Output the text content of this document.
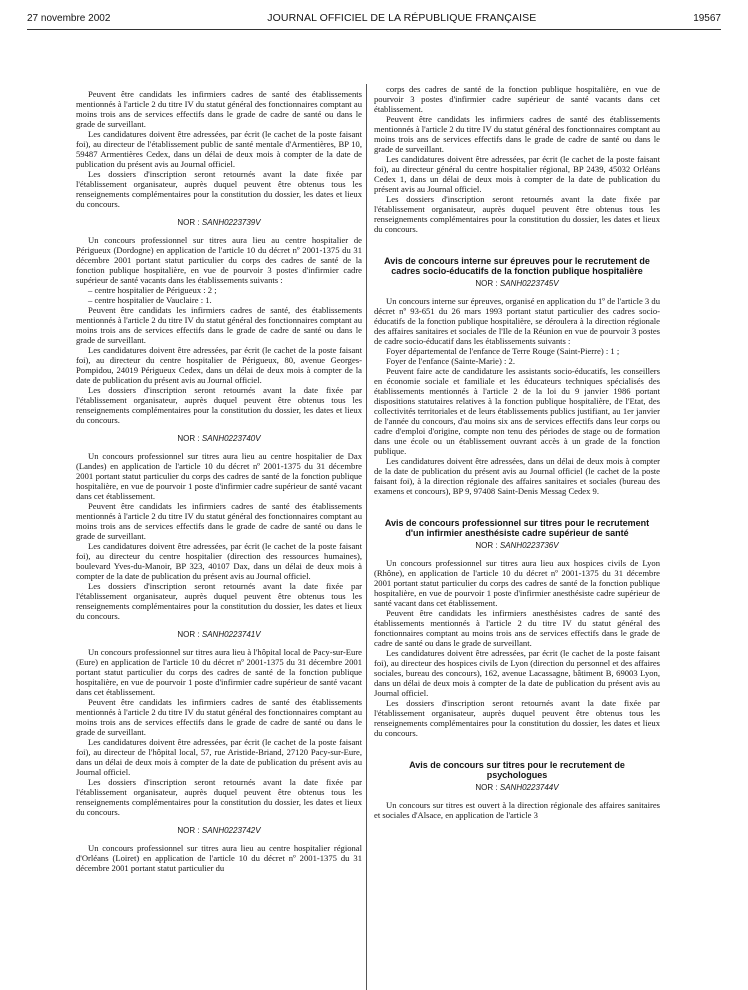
27 novembre 2002	JOURNAL OFFICIEL DE LA RÉPUBLIQUE FRANÇAISE	19567

Peuvent être candidats les infirmiers cadres de santé des établissements mentionnés à l'article 2 du titre IV du statut général des fonctionnaires comptant au moins trois ans de services effectifs dans le grade de cadre de santé ou dans le grade de surveillant.

Les candidatures doivent être adressées, par écrit (le cachet de la poste faisant foi), au directeur de l'établissement public de santé mentale d'Armentières, BP 10, 59487 Armentières Cedex, dans un délai de deux mois à compter de la date de publication du présent avis au Journal officiel.

Les dossiers d'inscription seront retournés avant la date fixée par l'établissement organisateur, auprès duquel peuvent être obtenus tous les renseignements complémentaires pour la constitution du dossier, les dates et lieux du concours.

NOR : SANH0223739V

Un concours professionnel sur titres aura lieu au centre hospitalier de Périgueux (Dordogne) en application de l'article 10 du décret nº 2001-1375 du 31 décembre 2001 portant statut particulier du corps des cadres de santé de la fonction publique hospitalière, en vue de pourvoir 3 postes d'infirmier cadre supérieur de santé vacants dans les établissements suivants :

– centre hospitalier de Périgueux : 2 ;

– centre hospitalier de Vauclaire : 1.

Peuvent être candidats les infirmiers cadres de santé, des établissements mentionnés à l'article 2 du titre IV du statut général des fonctionnaires comptant au moins trois ans de services effectifs dans le grade de cadre de santé ou dans le grade de surveillant.

Les candidatures doivent être adressées, par écrit (le cachet de la poste faisant foi), au directeur du centre hospitalier de Périgueux, 80, avenue Georges-Pompidou, 24019 Périgueux Cedex, dans un délai de deux mois à compter de la date de publication du présent avis au Journal officiel.

Les dossiers d'inscription seront retournés avant la date fixée par l'établissement organisateur, auprès duquel peuvent être obtenus tous les renseignements complémentaires pour la constitution du dossier, les dates et lieux du concours.

NOR : SANH0223740V

Un concours professionnel sur titres aura lieu au centre hospitalier de Dax (Landes) en application de l'article 10 du décret nº 2001-1375 du 31 décembre 2001 portant statut particulier du corps des cadres de santé de la fonction publique hospitalière, en vue de pourvoir 1 poste d'infirmier cadre supérieur de santé vacant dans cet établissement.

Peuvent être candidats les infirmiers cadres de santé des établissements mentionnés à l'article 2 du titre IV du statut général des fonctionnaires comptant au moins trois ans de services effectifs dans le grade de cadre de santé ou dans le grade de surveillant.

Les candidatures doivent être adressées, par écrit (le cachet de la poste faisant foi), au directeur du centre hospitalier (direction des ressources humaines), boulevard Yves-du-Manoir, BP 323, 40107 Dax, dans un délai de deux mois à compter de la date de publication du présent avis au Journal officiel.

Les dossiers d'inscription seront retournés avant la date fixée par l'établissement organisateur, auprès duquel peuvent être obtenus tous les renseignements complémentaires pour la constitution du dossier, les dates et lieux du concours.

NOR : SANH0223741V

Un concours professionnel sur titres aura lieu à l'hôpital local de Pacy-sur-Eure (Eure) en application de l'article 10 du décret nº 2001-1375 du 31 décembre 2001 portant statut particulier du corps des cadres de santé de la fonction publique hospitalière, en vue de pourvoir 1 poste d'infirmier cadre supérieur de santé vacant dans cet établissement.

Peuvent être candidats les infirmiers cadres de santé des établissements mentionnés à l'article 2 du titre IV du statut général des fonctionnaires comptant au moins trois ans de services effectifs dans le grade de cadre de santé ou dans le grade de surveillant.

Les candidatures doivent être adressées, par écrit (le cachet de la poste faisant foi), au directeur de l'hôpital local, 57, rue Aristide-Briand, 27120 Pacy-sur-Eure, dans un délai de deux mois à compter de la date de publication du présent avis au Journal officiel.

Les dossiers d'inscription seront retournés avant la date fixée par l'établissement organisateur, auprès duquel peuvent être obtenus tous les renseignements complémentaires pour la constitution du dossier, les dates et lieux du concours.

NOR : SANH0223742V

Un concours professionnel sur titres aura lieu au centre hospitalier régional d'Orléans (Loiret) en application de l'article 10 du décret nº 2001-1375 du 31 décembre 2001 portant statut particulier du

corps des cadres de santé de la fonction publique hospitalière, en vue de pourvoir 3 postes d'infirmier cadre supérieur de santé vacants dans cet établissement.

Peuvent être candidats les infirmiers cadres de santé des établissements mentionnés à l'article 2 du titre IV du statut général des fonctionnaires comptant au moins trois ans de services effectifs dans le grade de cadre de santé ou dans le grade de surveillant.

Les candidatures doivent être adressées, par écrit (le cachet de la poste faisant foi), au directeur général du centre hospitalier régional, BP 2439, 45032 Orléans Cedex 1, dans un délai de deux mois à compter de la date de publication du présent avis au Journal officiel.

Les dossiers d'inscription seront retournés avant la date fixée par l'établissement organisateur, auprès duquel peuvent être obtenus tous les renseignements complémentaires pour la constitution du dossier, les dates et lieux du concours.

Avis de concours interne sur épreuves pour le recrutement de cadres socio-éducatifs de la fonction publique hospitalière
NOR : SANH0223745V

Un concours interne sur épreuves, organisé en application du 1º de l'article 3 du décret nº 93-651 du 26 mars 1993 portant statut particulier des cadres socio-éducatifs de la fonction publique hospitalière, se déroulera à la direction régionale des affaires sanitaires et sociales de l'Ile de la Réunion en vue de pourvoir 3 postes de cadre socio-éducatif dans les établissements suivants :

Foyer départemental de l'enfance de Terre Rouge (Saint-Pierre) : 1 ;

Foyer de l'enfance (Sainte-Marie) : 2.

Peuvent faire acte de candidature les assistants socio-éducatifs, les conseillers en économie sociale et familiale et les éducateurs techniques spécialisés des établissements mentionnés à l'article 2 de la loi du 9 janvier 1986 portant dispositions statutaires relatives à la fonction publique hospitalière, de l'Etat, des collectivités territoriales et de leurs établissements publics justifiant, au 1er janvier de l'année du concours, d'au moins six ans de services effectifs dans leur corps ou cadre d'emploi d'origine, compte non tenu des périodes de stage ou de formation dans une école ou un établissement ouvrant accès à un grade de la fonction publique.

Les candidatures doivent être adressées, dans un délai de deux mois à compter de la date de publication du présent avis au Journal officiel (le cachet de la poste faisant foi), à la direction régionale des affaires sanitaires et sociales (bureau des examens et concours), BP 9, 97408 Saint-Denis Messag Cedex 9.

Avis de concours professionnel sur titres pour le recrutement d'un infirmier anesthésiste cadre supérieur de santé
NOR : SANH0223736V

Un concours professionnel sur titres aura lieu aux hospices civils de Lyon (Rhône), en application de l'article 10 du décret nº 2001-1375 du 31 décembre 2001 portant statut particulier du corps des cadres de santé de la fonction publique hospitalière, en vue de pourvoir 1 poste d'infirmier anesthésiste cadre supérieur de santé vacant dans cet établissement.

Peuvent être candidats les infirmiers anesthésistes cadres de santé des établissements mentionnés à l'article 2 du titre IV du statut général des fonctionnaires comptant au moins trois ans de services effectifs dans le grade de cadre de santé ou dans le grade de surveillant.

Les candidatures doivent être adressées, par écrit (le cachet de la poste faisant foi), au directeur des hospices civils de Lyon (direction du personnel et des affaires sociales, bureau des concours), 162, avenue Lacassagne, bâtiment B, 69003 Lyon, dans un délai de deux mois à compter de la date de publication du présent avis au Journal officiel.

Les dossiers d'inscription seront retournés avant la date fixée par l'établissement organisateur, auprès duquel peuvent être obtenus tous les renseignements complémentaires pour la constitution du dossier, les dates et lieux du concours.

Avis de concours sur titres pour le recrutement de psychologues
NOR : SANH0223744V

Un concours sur titres est ouvert à la direction régionale des affaires sanitaires et sociales d'Alsace, en application de l'article 3
